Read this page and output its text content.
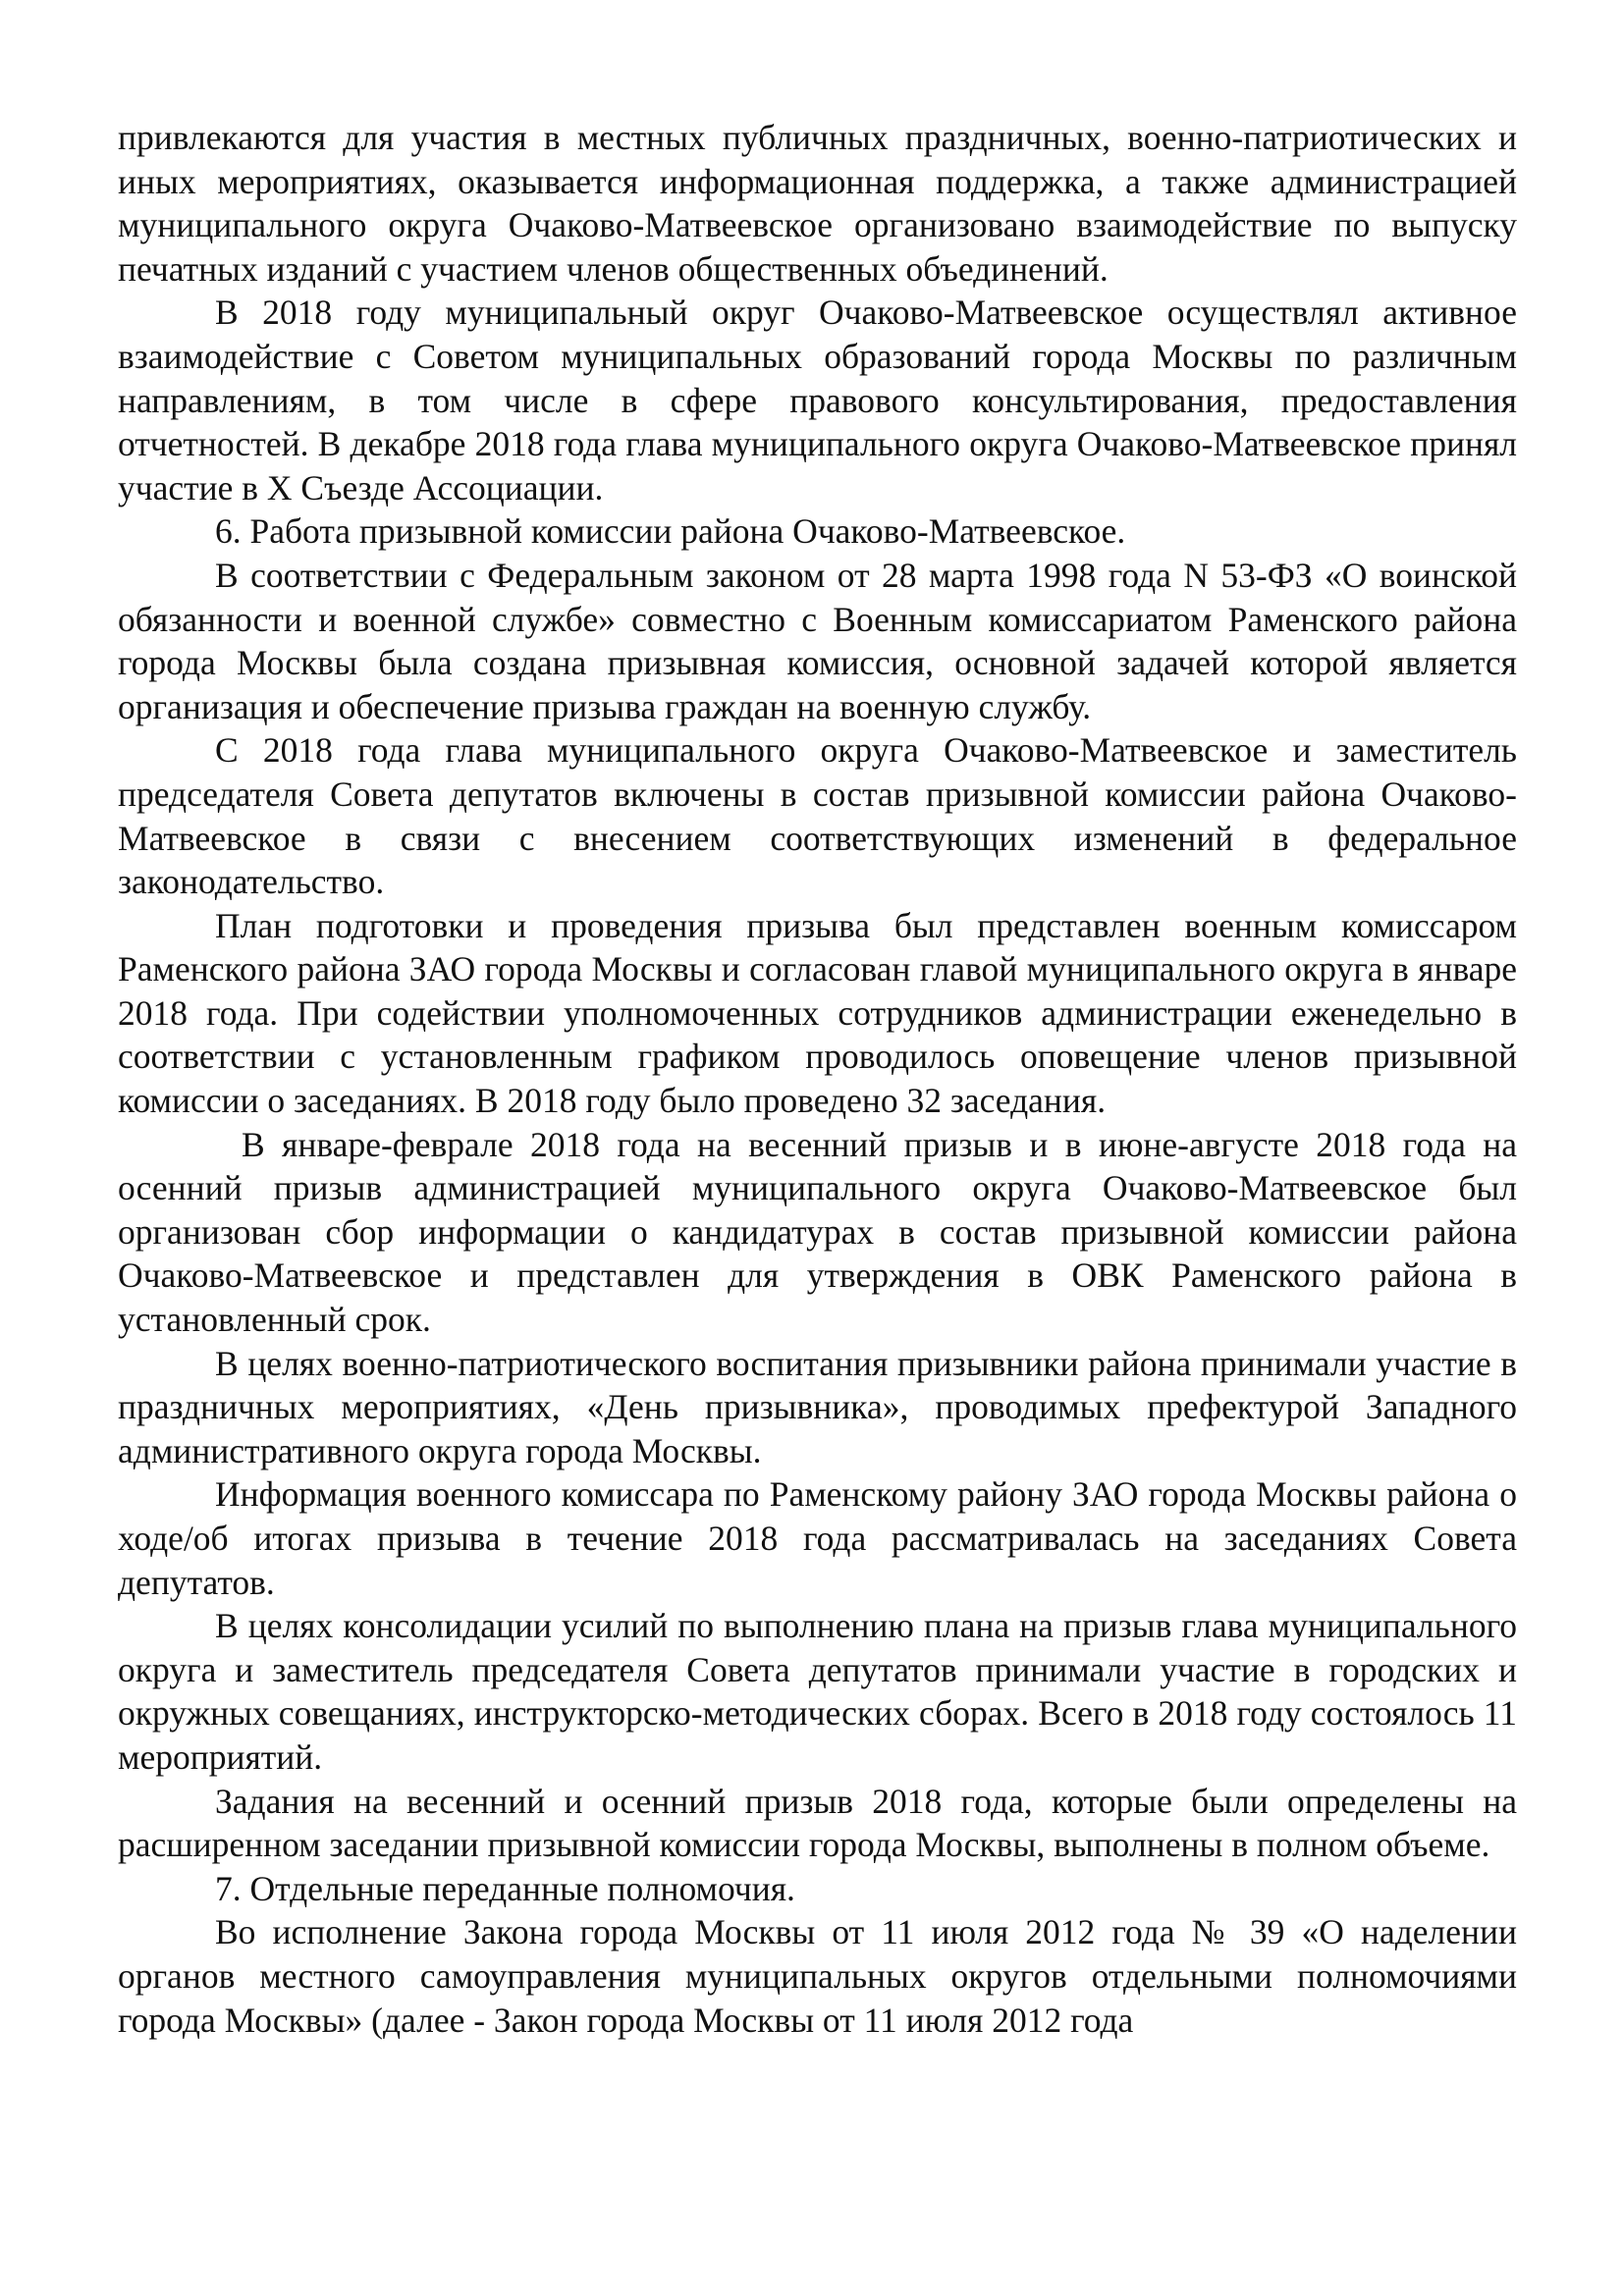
привлекаются для участия в местных публичных праздничных, военно-патриотических и иных мероприятиях, оказывается информационная поддержка, а также администрацией муниципального округа Очаково-Матвеевское организовано взаимодействие по выпуску печатных изданий с участием членов общественных объединений.

В 2018 году муниципальный округ Очаково-Матвеевское осуществлял активное взаимодействие с Советом муниципальных образований города Москвы по различным направлениям, в том числе в сфере правового консультирования, предоставления отчетностей. В декабре 2018 года глава муниципального округа Очаково-Матвеевское принял участие в X Съезде Ассоциации.

6. Работа призывной комиссии района Очаково-Матвеевское.

В соответствии с Федеральным законом от 28 марта 1998 года N 53-ФЗ «О воинской обязанности и военной службе» совместно с Военным комиссариатом Раменского района города Москвы была создана призывная комиссия, основной задачей которой является организация и обеспечение призыва граждан на военную службу.

С 2018 года глава муниципального округа Очаково-Матвеевское и заместитель председателя Совета депутатов включены в состав призывной комиссии района Очаково-Матвеевское в связи с внесением соответствующих изменений в федеральное законодательство.

План подготовки и проведения призыва был представлен военным комиссаром Раменского района ЗАО города Москвы и согласован главой муниципального округа в январе 2018 года. При содействии уполномоченных сотрудников администрации еженедельно в соответствии с установленным графиком проводилось оповещение членов призывной комиссии о заседаниях. В 2018 году было проведено 32 заседания.

В январе-феврале 2018 года на весенний призыв и в июне-августе 2018 года на осенний призыв администрацией муниципального округа Очаково-Матвеевское был организован сбор информации о кандидатурах в состав призывной комиссии района Очаково-Матвеевское и представлен для утверждения в ОВК Раменского района в установленный срок.

В целях военно-патриотического воспитания призывники района принимали участие в праздничных мероприятиях, «День призывника», проводимых префектурой Западного административного округа города Москвы.

Информация военного комиссара по Раменскому району ЗАО города Москвы района о ходе/об итогах призыва в течение 2018 года рассматривалась на заседаниях Совета депутатов.

В целях консолидации усилий по выполнению плана на призыв глава муниципального округа и заместитель председателя Совета депутатов принимали участие в городских и окружных совещаниях, инструкторско-методических сборах. Всего в 2018 году состоялось 11 мероприятий.

Задания на весенний и осенний призыв 2018 года, которые были определены на расширенном заседании призывной комиссии города Москвы, выполнены в полном объеме.

7. Отдельные переданные полномочия.

Во исполнение Закона города Москвы от 11 июля 2012 года № 39 «О наделении органов местного самоуправления муниципальных округов отдельными полномочиями города Москвы» (далее - Закон города Москвы от 11 июля 2012 года
